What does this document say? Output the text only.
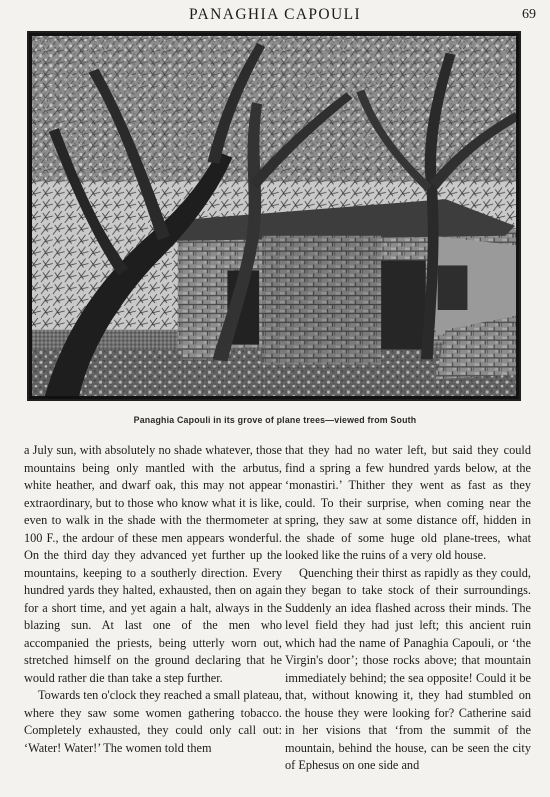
PANAGHIA CAPOULI	69
Panaghia Capouli in its grove of plane trees—viewed from South

a July sun, with absolutely no shade whatever, those mountains being only mantled with the arbutus, white heather, and dwarf oak, this may not appear extraordinary, but to those who know what it is like, even to walk in the shade with the thermometer at 100 F., the ardour of these men appears wonderful. On the third day they advanced yet further up the mountains, keeping to a southerly direction. Every hundred yards they halted, exhausted, then on again for a short time, and yet again a halt, always in the blazing sun. At last one of the men who accompanied the priests, being utterly worn out, stretched himself on the ground declaring that he would rather die than take a step further.

Towards ten o'clock they reached a small plateau, where they saw some women gathering tobacco. Completely exhausted, they could only call out: ‘Water! Water!’ The women told them

that they had no water left, but said they could find a spring a few hundred yards below, at the ‘monastiri.’ Thither they went as fast as they could. To their surprise, when coming near the spring, they saw at some distance off, hidden in the shade of some huge old plane-trees, what looked like the ruins of a very old house.

Quenching their thirst as rapidly as they could, they began to take stock of their surroundings. Suddenly an idea flashed across their minds. The level field they had just left; this ancient ruin which had the name of Panaghia Capouli, or ‘the Virgin's door’; those rocks above; that mountain immediately behind; the sea opposite! Could it be that, without knowing it, they had stumbled on the house they were looking for? Catherine said in her visions that ‘from the summit of the mountain, behind the house, can be seen the city of Ephesus on one side and
